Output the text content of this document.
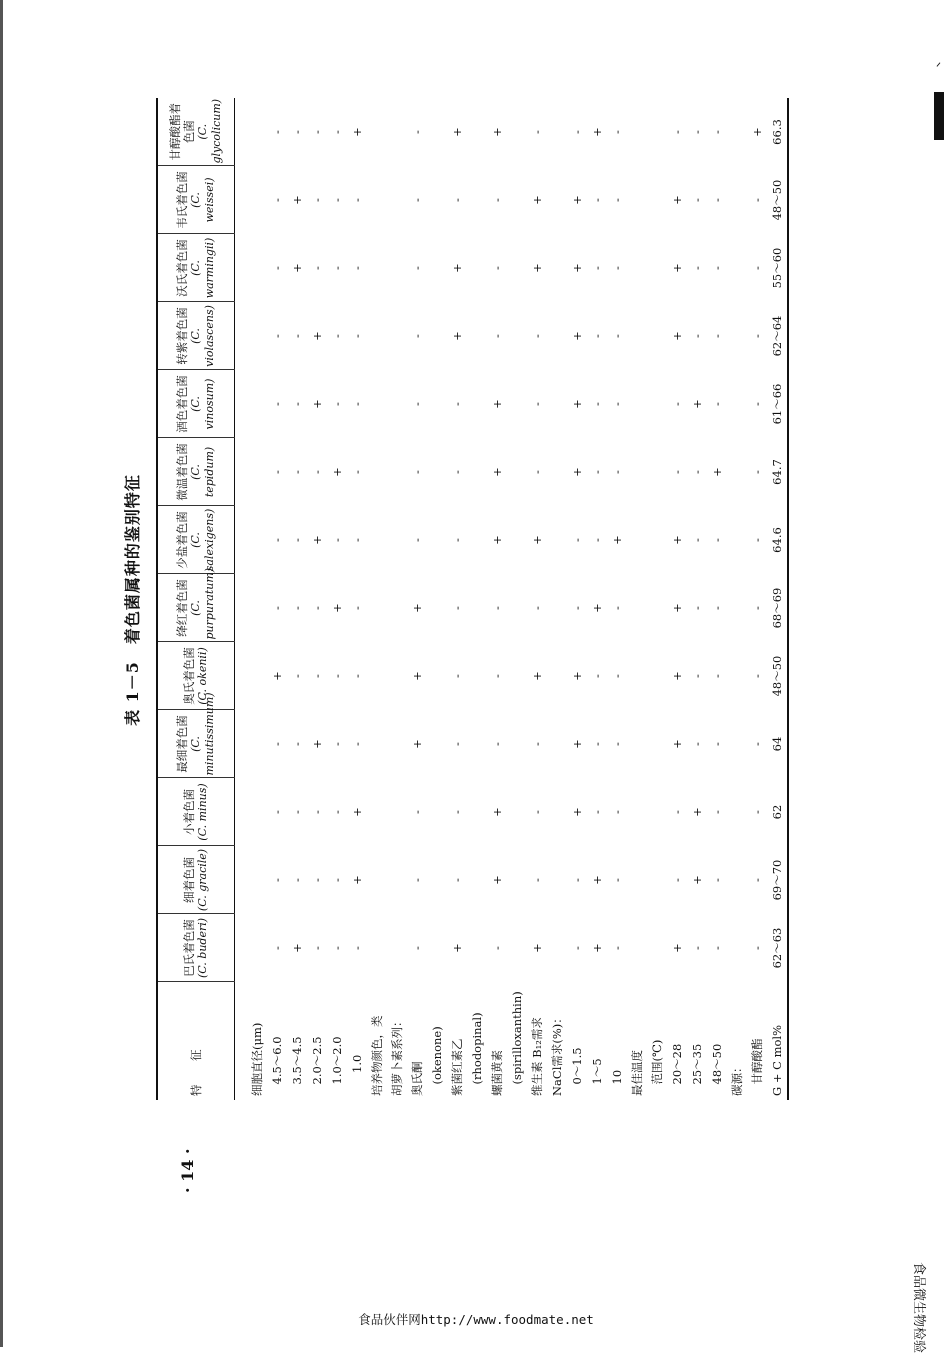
ᐟ
· 14 ·
表 1－5　着色菌属种的鉴别特征
特　征	巴氏着色菌 (C. buderi)	细着色菌 (C. gracile)	小着色菌 (C. minus)	最细着色菌 (C. minutissimum)	奥氏着色菌 (C. okenii)	绛红着色菌 (C. purpuratum)	少盐着色菌 (C. salexigens)	微温着色菌 (C. tepidum)	酒色着色菌 (C. vinosum)	转紫着色菌 (C. violascens)	沃氏着色菌 (C. warmingii)	韦氏着色菌 (C. weissei)	甘醇酸酯着色菌 (C. glycolicum)

细胞直径(μm)													
　4.5～6.0	-	-	-	-	+	-	-	-	-	-	-	-	-
　3.5～4.5	+	-	-	-	-	-	-	-	-	-	+	+	-
　2.0～2.5	-	-	-	+	-	-	+	-	+	+	-	-	-
　1.0～2.0	-	-	-	-	-	+	-	+	-	-	-	-	-
　　1.0	-	+	+	-	-	-	-	-	-	-	-	-	+
培养物颜色，类													
胡萝卜素系列：													
奥氏酮	-	-	-	+	+	+	-	-	-	-	-	-	-
　(okenone)													
紫菌红素乙	+	-	-	-	-	-	-	-	-	+	+	-	+
　(rhodopinal)													
螺菌黄素	-	+	+	-	-	-	+	+	+	-	-	-	+
　(spirilloxanthin)													
维生素 B₁₂需求	+	-	-	-	+	-	+	-	-	-	+	+	-
NaCl需求(%)：													
　0～1.5	-	-	+	+	+	-	-	+	+	+	+	+	-
　1～5	+	+	-	-	-	+	-	-	-	-	-	-	+
　10	-	-	-	-	-	-	+	-	-	-	-	-	-
最佳温度													
　范围(℃)													
　20～28	+	-	-	+	+	+	+	-	-	+	+	+	-
　25～35	-	+	+	-	-	-	-	-	+	-	-	-	-
　48～50	-	-	-	-	-	-	-	+	-	-	-	-	-
碳源：													
　甘醇酸酯	-	-	-	-	-	-	-	-	-	-	-	-	+
G + C mol%	62～63	69～70	62	64	48～50	68～69	64.6	64.7	61～66	62～64	55～60	48～50	66.3
食品伙伴网http://www.foodmate.net	食品微生物检验
